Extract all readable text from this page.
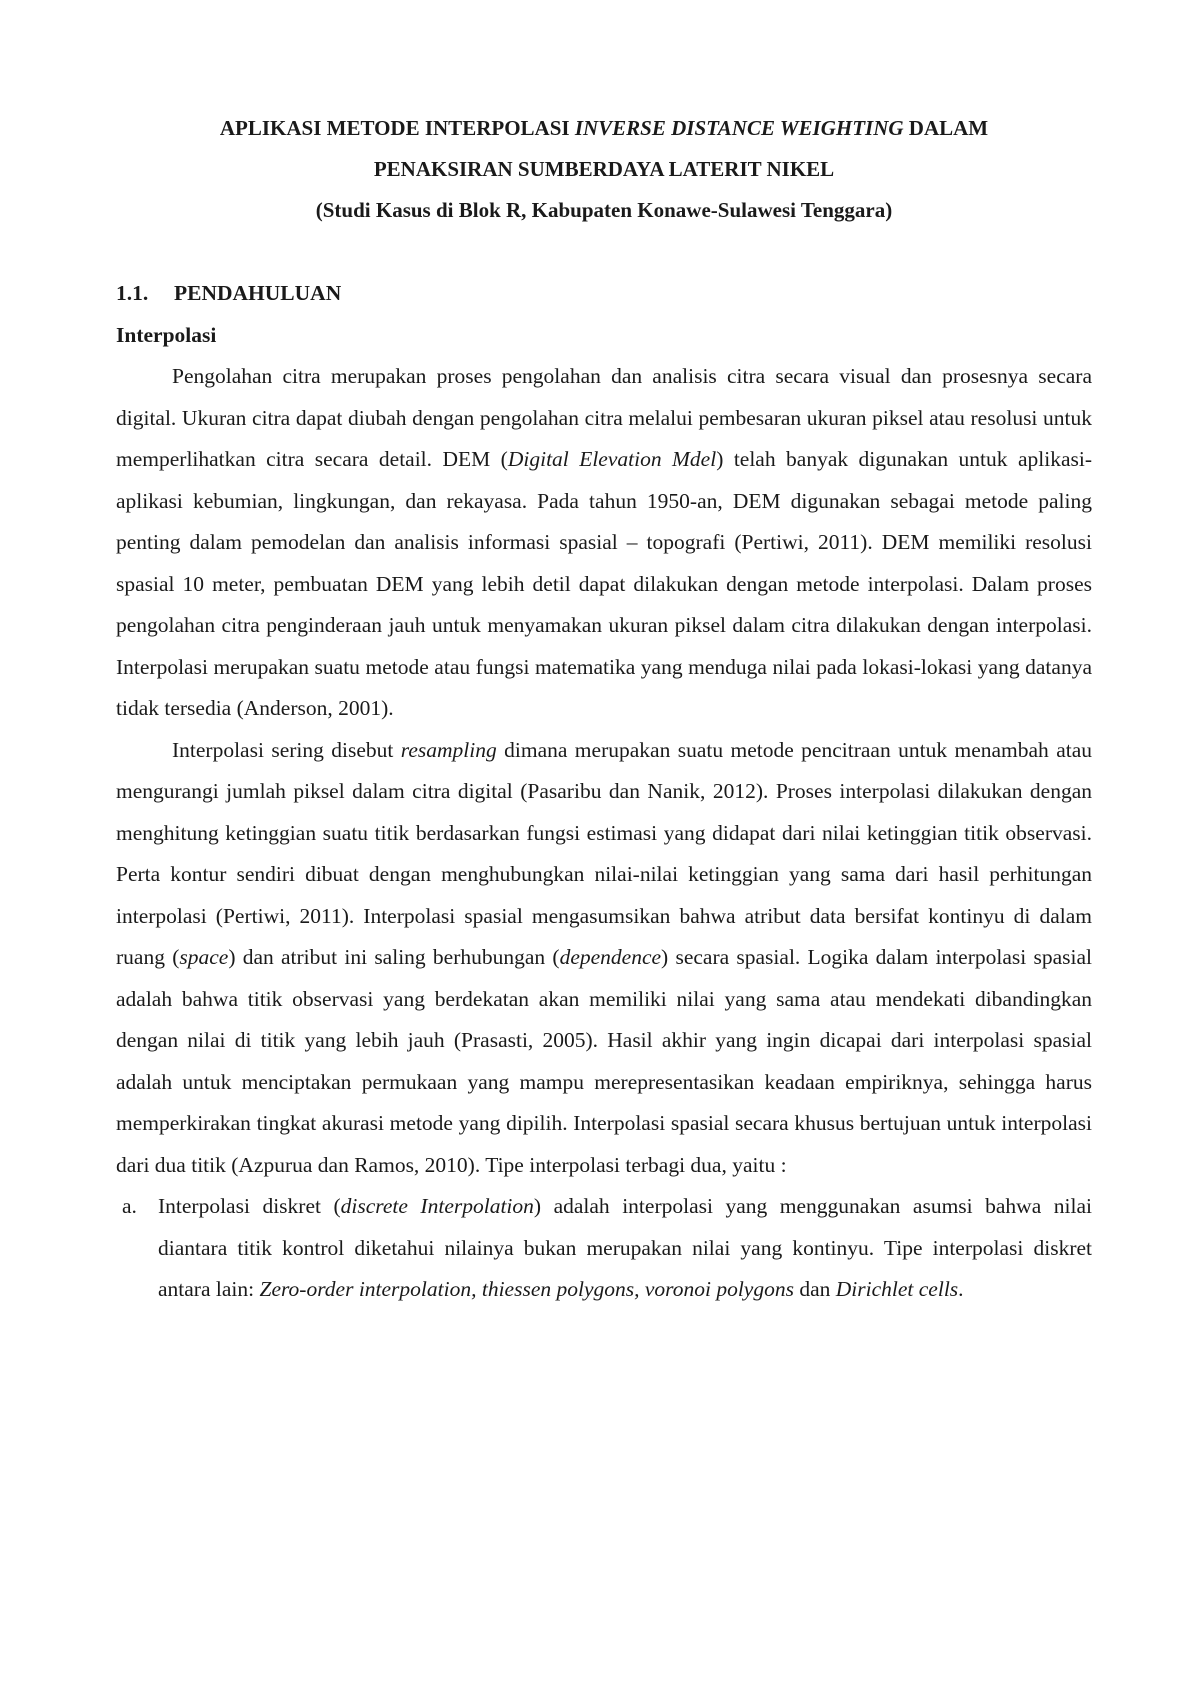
APLIKASI METODE INTERPOLASI INVERSE DISTANCE WEIGHTING DALAM
PENAKSIRAN SUMBERDAYA LATERIT NIKEL

(Studi Kasus di Blok R, Kabupaten Konawe-Sulawesi Tenggara)

1.1. PENDAHULUAN

Interpolasi

Pengolahan citra merupakan proses pengolahan dan analisis citra secara visual dan prosesnya secara digital. Ukuran citra dapat diubah dengan pengolahan citra melalui pembesaran ukuran piksel atau resolusi untuk memperlihatkan citra secara detail. DEM (Digital Elevation Mdel) telah banyak digunakan untuk aplikasi-aplikasi kebumian, lingkungan, dan rekayasa. Pada tahun 1950-an, DEM digunakan sebagai metode paling penting dalam pemodelan dan analisis informasi spasial – topografi (Pertiwi, 2011). DEM memiliki resolusi spasial 10 meter, pembuatan DEM yang lebih detil dapat dilakukan dengan metode interpolasi. Dalam proses pengolahan citra penginderaan jauh untuk menyamakan ukuran piksel dalam citra dilakukan dengan interpolasi. Interpolasi merupakan suatu metode atau fungsi matematika yang menduga nilai pada lokasi-lokasi yang datanya tidak tersedia (Anderson, 2001).

Interpolasi sering disebut resampling dimana merupakan suatu metode pencitraan untuk menambah atau mengurangi jumlah piksel dalam citra digital (Pasaribu dan Nanik, 2012). Proses interpolasi dilakukan dengan menghitung ketinggian suatu titik berdasarkan fungsi estimasi yang didapat dari nilai ketinggian titik observasi. Perta kontur sendiri dibuat dengan menghubungkan nilai-nilai ketinggian yang sama dari hasil perhitungan interpolasi (Pertiwi, 2011). Interpolasi spasial mengasumsikan bahwa atribut data bersifat kontinyu di dalam ruang (space) dan atribut ini saling berhubungan (dependence) secara spasial. Logika dalam interpolasi spasial adalah bahwa titik observasi yang berdekatan akan memiliki nilai yang sama atau mendekati dibandingkan dengan nilai di titik yang lebih jauh (Prasasti, 2005). Hasil akhir yang ingin dicapai dari interpolasi spasial adalah untuk menciptakan permukaan yang mampu merepresentasikan keadaan empiriknya, sehingga harus memperkirakan tingkat akurasi metode yang dipilih. Interpolasi spasial secara khusus bertujuan untuk interpolasi dari dua titik (Azpurua dan Ramos, 2010). Tipe interpolasi terbagi dua, yaitu :

a. Interpolasi diskret (discrete Interpolation) adalah interpolasi yang menggunakan asumsi bahwa nilai diantara titik kontrol diketahui nilainya bukan merupakan nilai yang kontinyu. Tipe interpolasi diskret antara lain: Zero-order interpolation, thiessen polygons, voronoi polygons dan Dirichlet cells.
